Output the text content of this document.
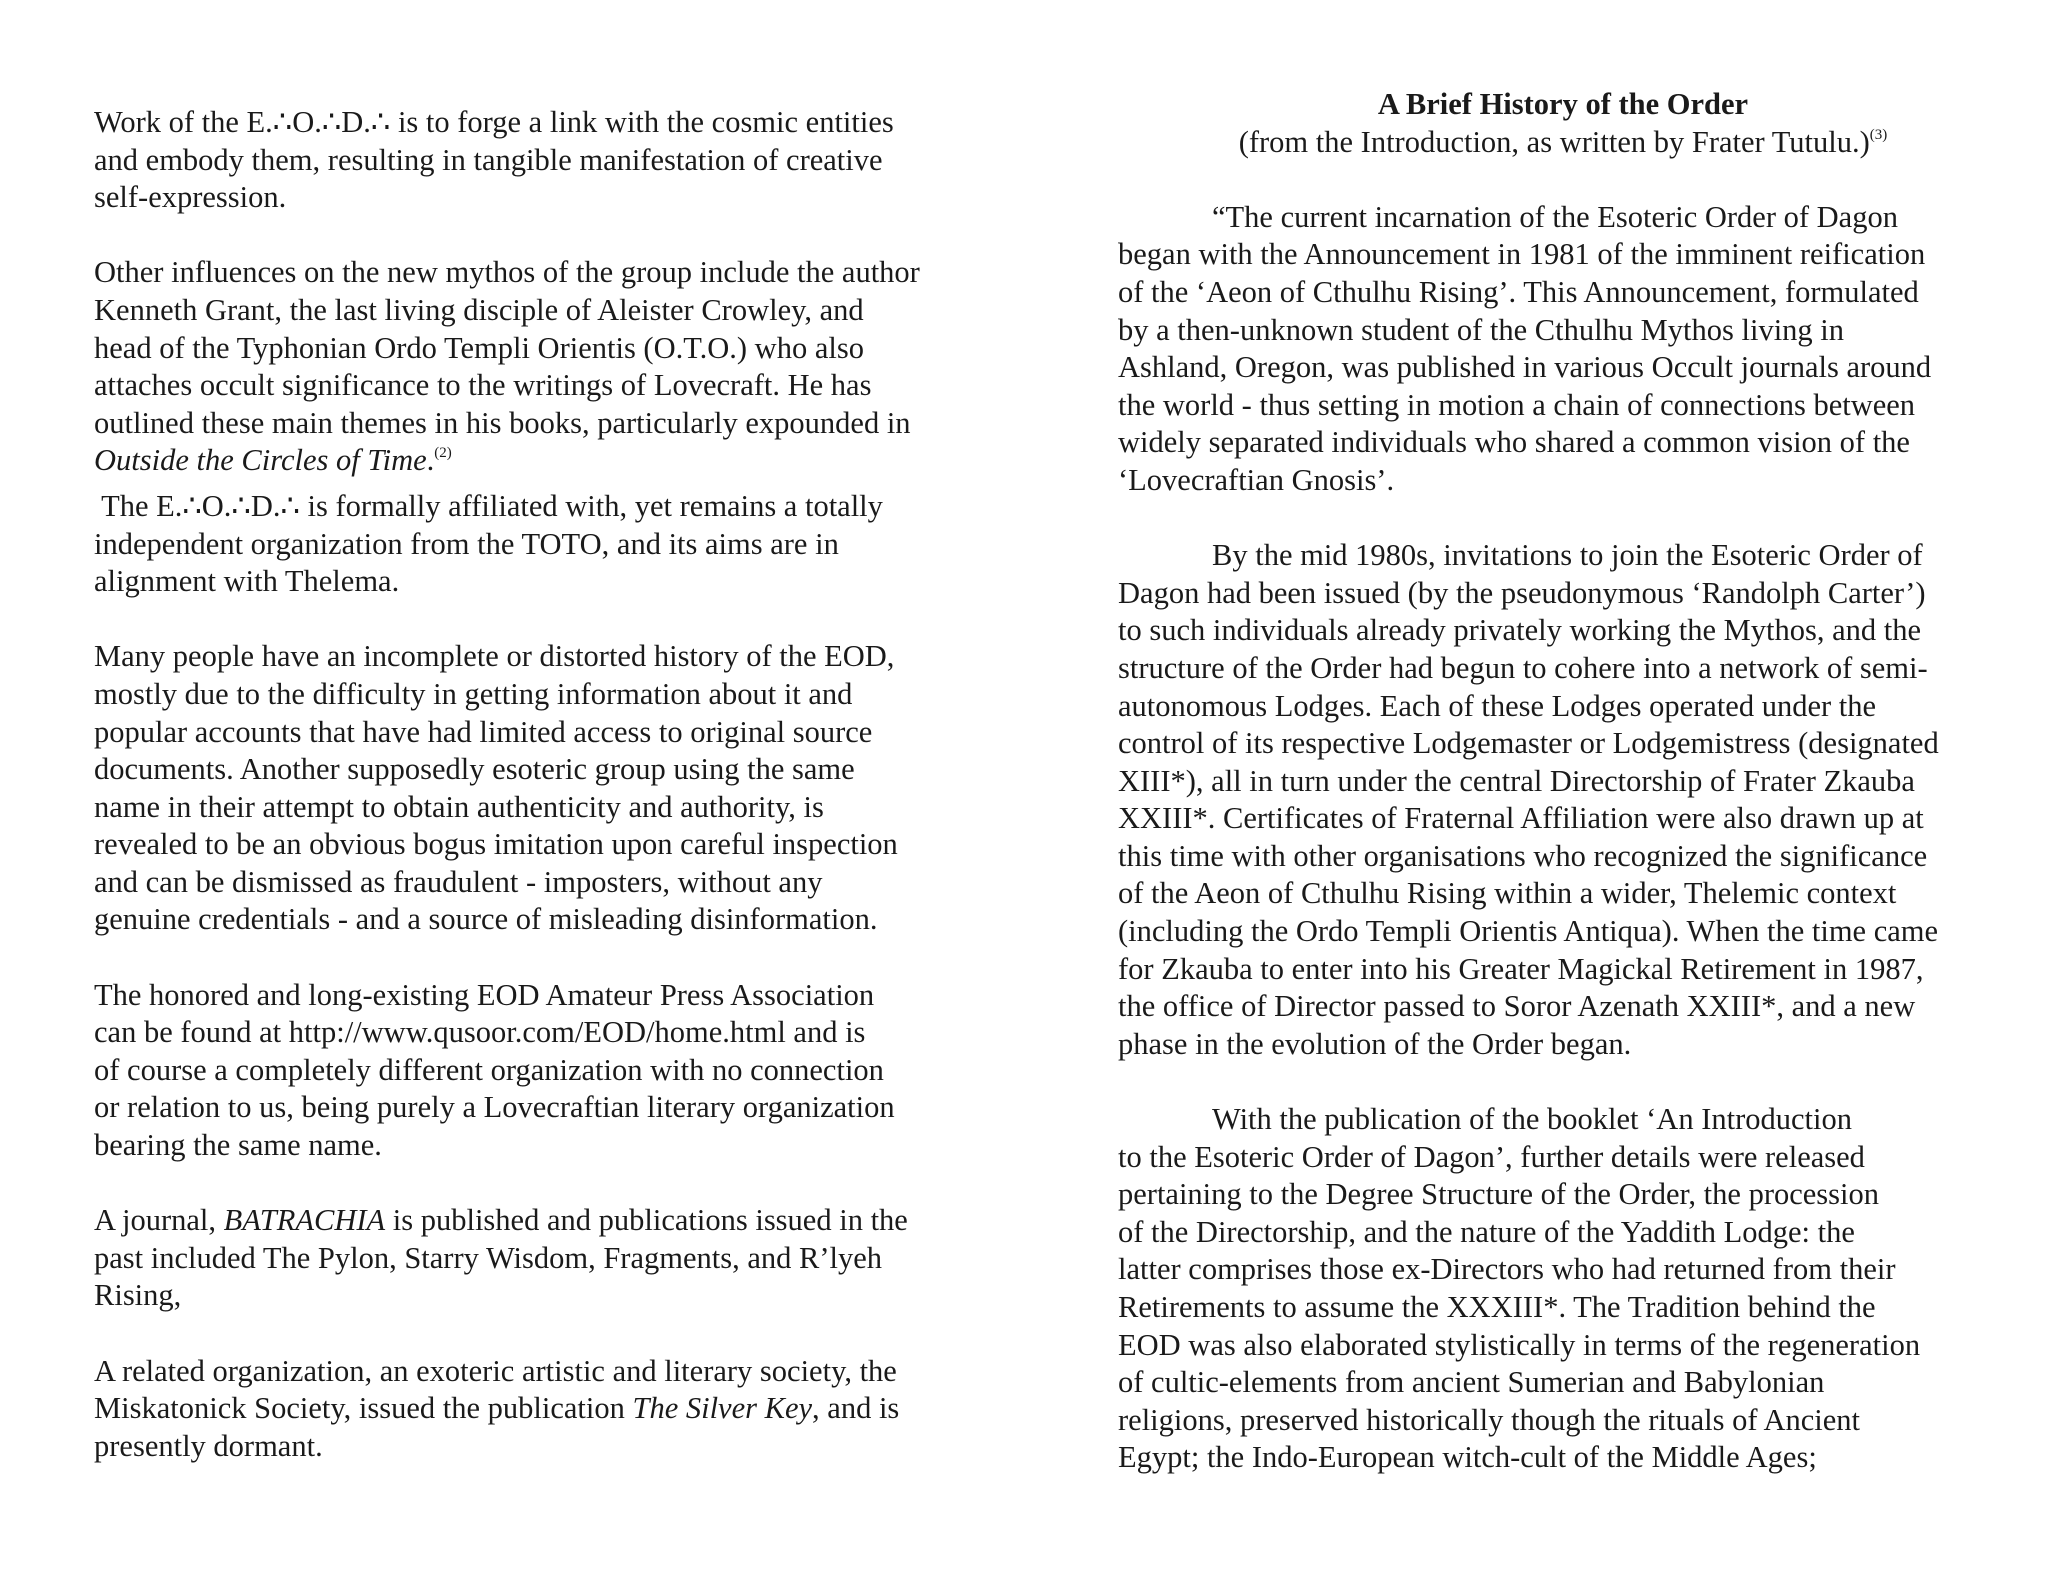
Work of the E.∴O.∴D.∴ is to forge a link with the cosmic entities
and embody them, resulting in tangible manifestation of creative
self-expression.

Other influences on the new mythos of the group include the author
Kenneth Grant, the last living disciple of Aleister Crowley, and
head of the Typhonian Ordo Templi Orientis (O.T.O.) who also
attaches occult significance to the writings of Lovecraft. He has
outlined these main themes in his books, particularly expounded in
Outside the Circles of Time.$^{(2)}$

The E.∴O.∴D.∴ is formally affiliated with, yet remains a totally
independent organization from the TOTO, and its aims are in
alignment with Thelema.

Many people have an incomplete or distorted history of the EOD,
mostly due to the difficulty in getting information about it and
popular accounts that have had limited access to original source
documents. Another supposedly esoteric group using the same
name in their attempt to obtain authenticity and authority, is
revealed to be an obvious bogus imitation upon careful inspection
and can be dismissed as fraudulent - imposters, without any
genuine credentials - and a source of misleading disinformation.

The honored and long-existing EOD Amateur Press Association
can be found at http://www.qusoor.com/EOD/home.html and is
of course a completely different organization with no connection
or relation to us, being purely a Lovecraftian literary organization
bearing the same name.

A journal, BATRACHIA is published and publications issued in the
past included The Pylon, Starry Wisdom, Fragments, and R’lyeh
Rising,

A related organization, an exoteric artistic and literary society, the
Miskatonick Society, issued the publication The Silver Key, and is
presently dormant.

A Brief History of the Order
(from the Introduction, as written by Frater Tutulu.)$^{(3)}$

“The current incarnation of the Esoteric Order of Dagon
began with the Announcement in 1981 of the imminent reification
of the ‘Aeon of Cthulhu Rising’. This Announcement, formulated
by a then-unknown student of the Cthulhu Mythos living in
Ashland, Oregon, was published in various Occult journals around
the world - thus setting in motion a chain of connections between
widely separated individuals who shared a common vision of the
‘Lovecraftian Gnosis’.

By the mid 1980s, invitations to join the Esoteric Order of
Dagon had been issued (by the pseudonymous ‘Randolph Carter’)
to such individuals already privately working the Mythos, and the
structure of the Order had begun to cohere into a network of semi-
autonomous Lodges. Each of these Lodges operated under the
control of its respective Lodgemaster or Lodgemistress (designated
XIII*), all in turn under the central Directorship of Frater Zkauba
XXIII*. Certificates of Fraternal Affiliation were also drawn up at
this time with other organisations who recognized the significance
of the Aeon of Cthulhu Rising within a wider, Thelemic context
(including the Ordo Templi Orientis Antiqua). When the time came
for Zkauba to enter into his Greater Magickal Retirement in 1987,
the office of Director passed to Soror Azenath XXIII*, and a new
phase in the evolution of the Order began.

With the publication of the booklet ‘An Introduction
to the Esoteric Order of Dagon’, further details were released
pertaining to the Degree Structure of the Order, the procession
of the Directorship, and the nature of the Yaddith Lodge: the
latter comprises those ex-Directors who had returned from their
Retirements to assume the XXXIII*. The Tradition behind the
EOD was also elaborated stylistically in terms of the regeneration
of cultic-elements from ancient Sumerian and Babylonian
religions, preserved historically though the rituals of Ancient
Egypt; the Indo-European witch-cult of the Middle Ages;
